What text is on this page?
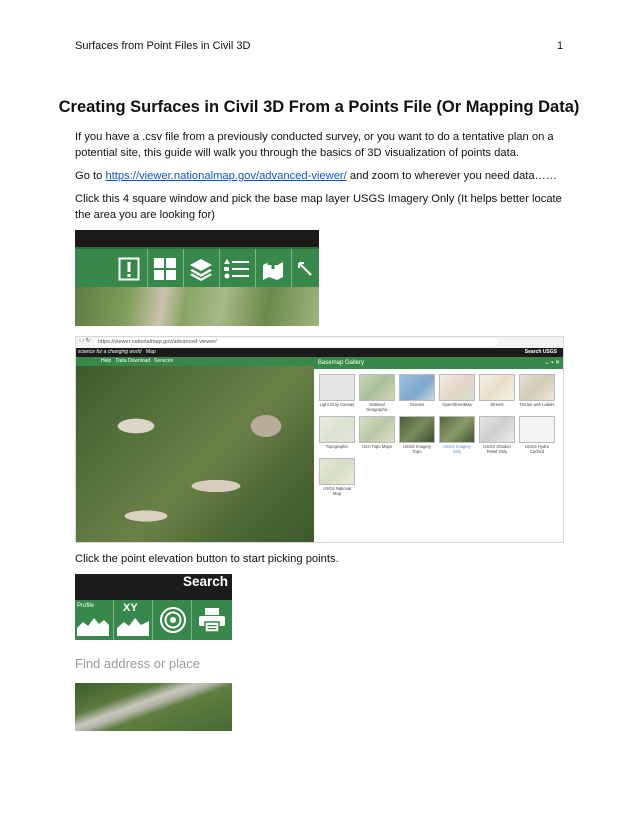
Surfaces from Point Files in Civil 3D	1
Creating Surfaces in Civil 3D From a Points File (Or Mapping Data)
If you have a .csv file from a previously conducted survey, or you want to do a tentative plan on a potential site, this guide will walk you through the basics of 3D visualization of points data.
Go to https://viewer.nationalmap.gov/advanced-viewer/ and zoom to wherever you need data……
Click this 4 square window and pick the base map layer USGS Imagery Only (It helps better locate the area you are looking for)
‹ › ↻	https://viewer.nationalmap.gov/advanced-viewer/
science for a changing world Map	Search USGS
Help Data Download Services	Basemap Gallery	⌄ ▪ ✕
Light Gray Canvas	National Geographic
Oceans	OpenStreetMap	Streets	Terrain with Labels
Topographic	USA Topo Maps	USGS Imagery Topo
USGS Imagery Only
USGS Shaded Relief Only
USGS Hydro Cached
USGS National Map
Click the point elevation button to start picking points.
Search
Profile	XY
Find address or place
